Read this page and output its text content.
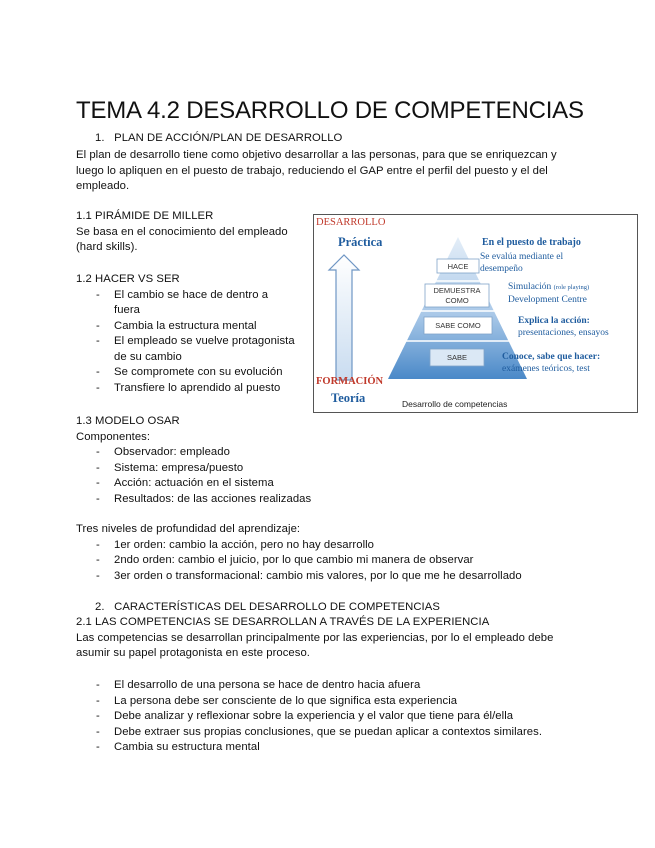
TEMA 4.2 DESARROLLO DE COMPETENCIAS
1. PLAN DE ACCIÓN/PLAN DE DESARROLLO
El plan de desarrollo tiene como objetivo desarrollar a las personas, para que se enriquezcan y
luego lo apliquen en el puesto de trabajo, reduciendo el GAP entre el perfil del puesto y el del
empleado.
1.1 PIRÁMIDE DE MILLER
Se basa en el conocimiento del empleado
(hard skills).
1.2 HACER VS SER
- El cambio se hace de dentro a
fuera
- Cambia la estructura mental
- El empleado se vuelve protagonista
de su cambio
- Se compromete con su evolución
- Transfiere lo aprendido al puesto
DESARROLLO
Práctica
FORMACIÓN
Teoría
HACE
DEMUESTRA
COMO
SABE COMO
SABE
En el puesto de trabajo
Se evalúa mediante el
desempeño
Simulación (role playing)
Development Centre
Explica la acción:
presentaciones, ensayos
Conoce, sabe que hacer:
exámenes teóricos, test
Desarrollo de competencias
1.3 MODELO OSAR
Componentes:
- Observador: empleado
- Sistema: empresa/puesto
- Acción: actuación en el sistema
- Resultados: de las acciones realizadas
Tres niveles de profundidad del aprendizaje:
- 1er orden: cambio la acción, pero no hay desarrollo
- 2ndo orden: cambio el juicio, por lo que cambio mi manera de observar
- 3er orden o transformacional: cambio mis valores, por lo que me he desarrollado
2. CARACTERÍSTICAS DEL DESARROLLO DE COMPETENCIAS
2.1 LAS COMPETENCIAS SE DESARROLLAN A TRAVÉS DE LA EXPERIENCIA
Las competencias se desarrollan principalmente por las experiencias, por lo el empleado debe
asumir su papel protagonista en este proceso.
- El desarrollo de una persona se hace de dentro hacia afuera
- La persona debe ser consciente de lo que significa esta experiencia
- Debe analizar y reflexionar sobre la experiencia y el valor que tiene para él/ella
- Debe extraer sus propias conclusiones, que se puedan aplicar a contextos similares.
- Cambia su estructura mental
